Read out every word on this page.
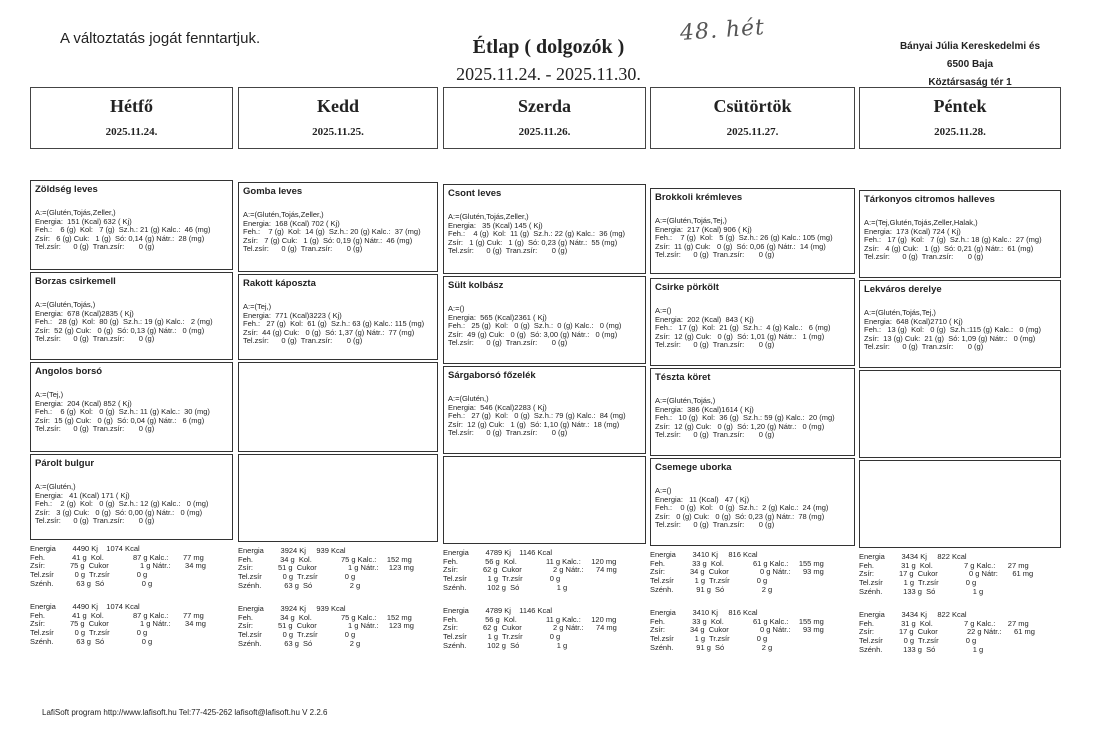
A változtatás jogát fenntartjuk.	Étlap ( dolgozók )
2025.11.24. - 2025.11.30.
48. hét
Bányai Júlia Kereskedelmi és
6500 Baja
Köztársaság tér 1
Hétfő
2025.11.24.
Kedd
2025.11.25.
Szerda
2025.11.26.
Csütörtök
2025.11.27.
Péntek
2025.11.28.
Zöldség leves
A:=(Glutén,Tojás,Zeller,)
Energia:  151 (Kcal) 632 ( Kj)
Feh.:    6 (g)  Kol:   7 (g)  Sz.h.: 21 (g) Kalc.:  46 (mg)
Zsír:   6 (g) Cuk:   1 (g)  Só: 0,14 (g) Nátr.:  28 (mg)
Tel.zsír:      0 (g)  Tran.zsír:       0 (g)
Borzas csirkemell
A:=(Glutén,Tojás,)
Energia:  678 (Kcal)2835 ( Kj)
Feh.:   28 (g)  Kol:  80 (g)  Sz.h.: 19 (g) Kalc.:   2 (mg)
Zsír:  52 (g) Cuk:   0 (g)  Só: 0,13 (g) Nátr.:   0 (mg)
Tel.zsír:      0 (g)  Tran.zsír:       0 (g)
Angolos borsó
A:=(Tej,)
Energia:  204 (Kcal) 852 ( Kj)
Feh.:    6 (g)  Kol:   0 (g)  Sz.h.: 11 (g) Kalc.:  30 (mg)
Zsír:  15 (g) Cuk:   0 (g)  Só: 0,04 (g) Nátr.:   6 (mg)
Tel.zsír:      0 (g)  Tran.zsír:       0 (g)
Párolt bulgur
A:=(Glutén,)
Energia:   41 (Kcal) 171 ( Kj)
Feh.:    2 (g)  Kol:   0 (g)  Sz.h.: 12 (g) Kalc.:   0 (mg)
Zsír:   3 (g) Cuk:   0 (g)  Só: 0,00 (g) Nátr.:   0 (mg)
Tel.zsír:      0 (g)  Tran.zsír:       0 (g)
Gomba leves
A:=(Glutén,Tojás,Zeller,)
Energia:  168 (Kcal) 702 ( Kj)
Feh.:    7 (g)  Kol:  14 (g)  Sz.h.: 20 (g) Kalc.:  37 (mg)
Zsír:   7 (g) Cuk:   1 (g)  Só: 0,19 (g) Nátr.:  46 (mg)
Tel.zsír:      0 (g)  Tran.zsír:       0 (g)
Rakott káposzta
A:=(Tej,)
Energia:  771 (Kcal)3223 ( Kj)
Feh.:   27 (g)  Kol:  61 (g)  Sz.h.: 63 (g) Kalc.: 115 (mg)
Zsír:  44 (g) Cuk:   0 (g)  Só: 1,37 (g) Nátr.:  77 (mg)
Tel.zsír:      0 (g)  Tran.zsír:       0 (g)
Csont leves
A:=(Glutén,Tojás,Zeller,)
Energia:   35 (Kcal) 145 ( Kj)
Feh.:    4 (g)  Kol:  11 (g)  Sz.h.: 22 (g) Kalc.:  36 (mg)
Zsír:   1 (g) Cuk:   1 (g)  Só: 0,23 (g) Nátr.:  55 (mg)
Tel.zsír:      0 (g)  Tran.zsír:       0 (g)
Sült kolbász
A:=()
Energia:  565 (Kcal)2361 ( Kj)
Feh.:   25 (g)  Kol:   0 (g)  Sz.h.:  0 (g) Kalc.:   0 (mg)
Zsír:  49 (g) Cuk:   0 (g)  Só: 3,00 (g) Nátr.:   0 (mg)
Tel.zsír:      0 (g)  Tran.zsír:       0 (g)
Sárgaborsó főzelék
A:=(Glutén,)
Energia:  546 (Kcal)2283 ( Kj)
Feh.:   27 (g)  Kol:   0 (g)  Sz.h.: 79 (g) Kalc.:  84 (mg)
Zsír:  12 (g) Cuk:   1 (g)  Só: 1,10 (g) Nátr.:  18 (mg)
Tel.zsír:      0 (g)  Tran.zsír:       0 (g)
Brokkoli krémleves
A:=(Glutén,Tojás,Tej,)
Energia:  217 (Kcal) 906 ( Kj)
Feh.:    7 (g)  Kol:   5 (g)  Sz.h.: 26 (g) Kalc.: 105 (mg)
Zsír:  11 (g) Cuk:   0 (g)  Só: 0,06 (g) Nátr.:  14 (mg)
Tel.zsír:      0 (g)  Tran.zsír:       0 (g)
Csirke pörkölt
A:=()
Energia:  202 (Kcal)  843 ( Kj)
Feh.:   17 (g)  Kol:  21 (g)  Sz.h.:  4 (g) Kalc.:   6 (mg)
Zsír:  12 (g) Cuk:   0 (g)  Só: 1,01 (g) Nátr.:   1 (mg)
Tel.zsír:      0 (g)  Tran.zsír:       0 (g)
Tészta köret
A:=(Glutén,Tojás,)
Energia:  386 (Kcal)1614 ( Kj)
Feh.:   10 (g)  Kol:  36 (g)  Sz.h.: 59 (g) Kalc.:  20 (mg)
Zsír:  12 (g) Cuk:   0 (g)  Só: 1,20 (g) Nátr.:   0 (mg)
Tel.zsír:      0 (g)  Tran.zsír:       0 (g)
Csemege uborka
A:=()
Energia:   11 (Kcal)   47 ( Kj)
Feh.:    0 (g)  Kol:   0 (g)  Sz.h.:  2 (g) Kalc.:  24 (mg)
Zsír:   0 (g) Cuk:   0 (g)  Só: 0,23 (g) Nátr.:  78 (mg)
Tel.zsír:      0 (g)  Tran.zsír:       0 (g)
Tárkonyos citromos halleves
A:=(Tej,Glutén,Tojás,Zeller,Halak,)
Energia:  173 (Kcal) 724 ( Kj)
Feh.:   17 (g)  Kol:   7 (g)  Sz.h.: 18 (g) Kalc.:  27 (mg)
Zsír:   4 (g) Cuk:   1 (g)  Só: 0,21 (g) Nátr.:  61 (mg)
Tel.zsír:      0 (g)  Tran.zsír:       0 (g)
Lekváros derelye
A:=(Glutén,Tojás,Tej,)
Energia:  648 (Kcal)2710 ( Kj)
Feh.:   13 (g)  Kol:   0 (g)  Sz.h.:115 (g) Kalc.:   0 (mg)
Zsír:  13 (g) Cuk:  21 (g)  Só: 1,09 (g) Nátr.:   0 (mg)
Tel.zsír:      0 (g)  Tran.zsír:       0 (g)
Energia        4490 Kj    1074 Kcal
Feh.             41 g  Kol.              87 g Kalc.:       77 mg
Zsír:            75 g  Cukor               1 g Nátr.:       34 mg
Tel.zsír          0 g  Tr.zsír             0 g
Szénh.           63 g  Só                  0 g
Energia        3924 Kj     939 Kcal
Feh.             34 g  Kol.              75 g Kalc.:     152 mg
Zsír:            51 g  Cukor               1 g Nátr.:     123 mg
Tel.zsír          0 g  Tr.zsír             0 g
Szénh.           63 g  Só                  2 g
Energia        4789 Kj    1146 Kcal
Feh.             56 g  Kol.              11 g Kalc.:     120 mg
Zsír:            62 g  Cukor               2 g Nátr.:      74 mg
Tel.zsír          1 g  Tr.zsír             0 g
Szénh.          102 g  Só                  1 g
Energia        3410 Kj     816 Kcal
Feh.             33 g  Kol.              61 g Kalc.:     155 mg
Zsír:            34 g  Cukor               0 g Nátr.:      93 mg
Tel.zsír          1 g  Tr.zsír             0 g
Szénh.           91 g  Só                  2 g
Energia        3434 Kj     822 Kcal
Feh.             31 g  Kol.               7 g Kalc.:      27 mg
Zsír:            17 g  Cukor               0 g Nátr:       61 mg
Tel.zsír          1 g  Tr.zsír             0 g
Szénh.          133 g  Só                  1 g
Energia        4490 Kj    1074 Kcal
Feh.             41 g  Kol.              87 g Kalc.:       77 mg
Zsír:            75 g  Cukor               1 g Nátr.:       34 mg
Tel.zsír          0 g  Tr.zsír             0 g
Szénh.           63 g  Só                  0 g
Energia        3924 Kj     939 Kcal
Feh.             34 g  Kol.              75 g Kalc.:     152 mg
Zsír:            51 g  Cukor               1 g Nátr.:     123 mg
Tel.zsír          0 g  Tr.zsír             0 g
Szénh.           63 g  Só                  2 g
Energia        4789 Kj    1146 Kcal
Feh.             56 g  Kol.              11 g Kalc.:     120 mg
Zsír:            62 g  Cukor               2 g Nátr.:      74 mg
Tel.zsír          1 g  Tr.zsír             0 g
Szénh.          102 g  Só                  1 g
Energia        3410 Kj     816 Kcal
Feh.             33 g  Kol.              61 g Kalc.:     155 mg
Zsír:            34 g  Cukor               0 g Nátr.:      93 mg
Tel.zsír          1 g  Tr.zsír             0 g
Szénh.           91 g  Só                  2 g
Energia        3434 Kj     822 Kcal
Feh.             31 g  Kol.               7 g Kalc.:      27 mg
Zsír:            17 g  Cukor              22 g Nátr.:      61 mg
Tel.zsír          0 g  Tr.zsír             0 g
Szénh.          133 g  Só                  1 g
LafiSoft program http://www.lafisoft.hu Tel:77-425-262 lafisoft@lafisoft.hu V 2.2.6
